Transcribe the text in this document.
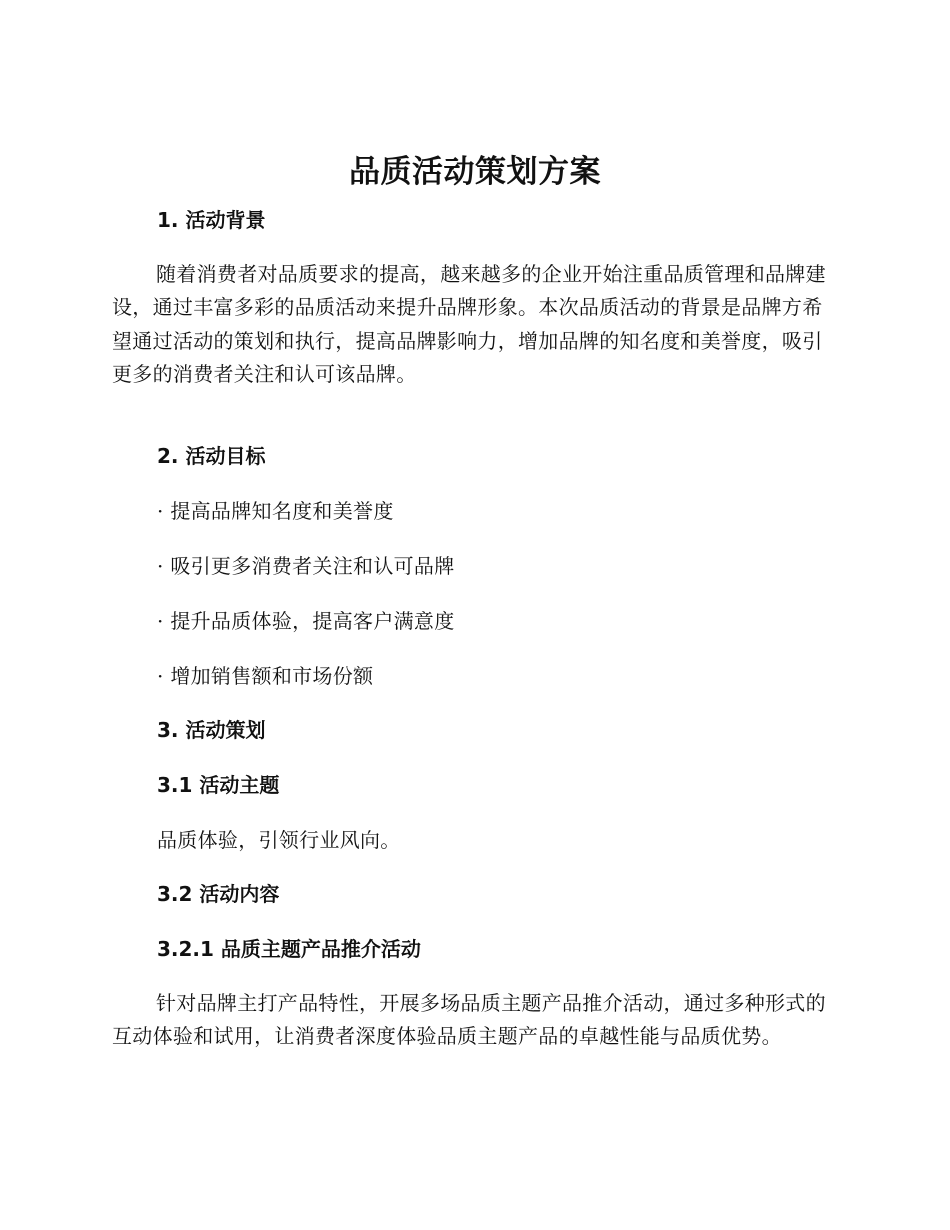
品质活动策划方案
1. 活动背景
随着消费者对品质要求的提高，越来越多的企业开始注重品质管理和品牌建设，通过丰富多彩的品质活动来提升品牌形象。本次品质活动的背景是品牌方希望通过活动的策划和执行，提高品牌影响力，增加品牌的知名度和美誉度，吸引更多的消费者关注和认可该品牌。
2. 活动目标
· 提高品牌知名度和美誉度
· 吸引更多消费者关注和认可品牌
· 提升品质体验，提高客户满意度
· 增加销售额和市场份额
3. 活动策划
3.1 活动主题
品质体验，引领行业风向。
3.2 活动内容
3.2.1 品质主题产品推介活动
针对品牌主打产品特性，开展多场品质主题产品推介活动，通过多种形式的互动体验和试用，让消费者深度体验品质主题产品的卓越性能与品质优势。
